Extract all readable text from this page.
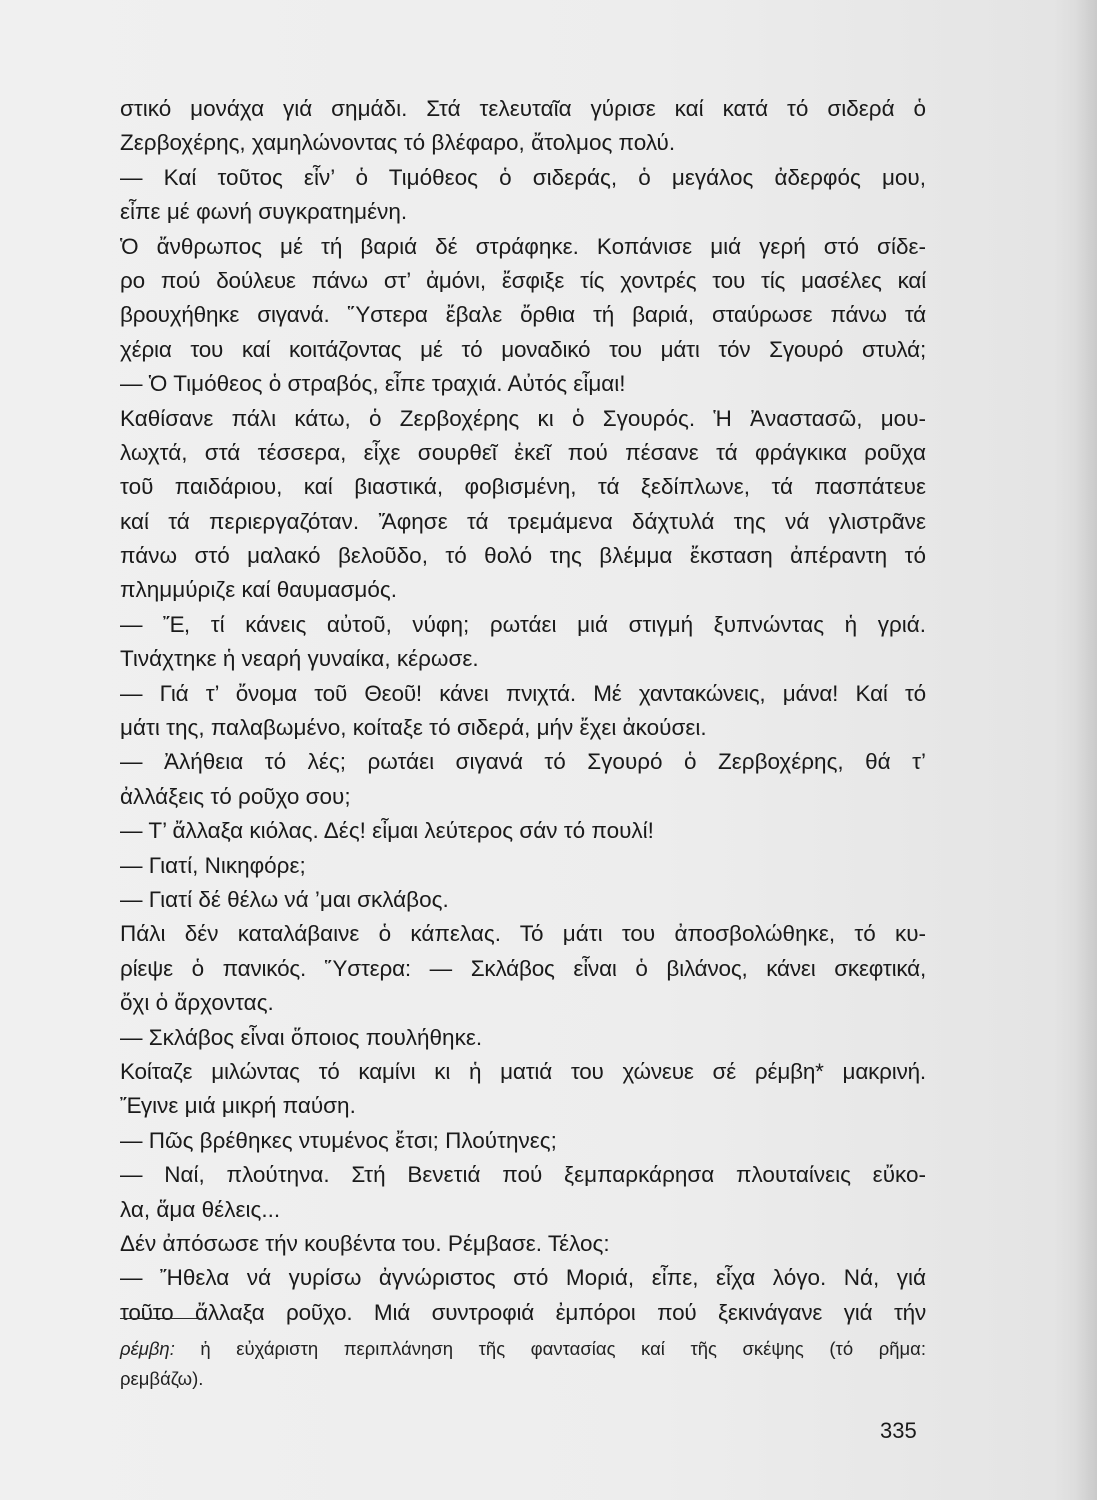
στικό μονάχα γιά σημάδι. Στά τελευταῖα γύρισε καί κατά τό σιδερά ὁ

Ζερβοχέρης, χαμηλώνοντας τό βλέφαρο, ἄτολμος πολύ.

— Καί τοῦτος εἶν’ ὁ Τιμόθεος ὁ σιδεράς, ὁ μεγάλος ἀδερφός μου,

εἶπε μέ φωνή συγκρατημένη.

Ὁ ἄνθρωπος μέ τή βαριά δέ στράφηκε. Κοπάνισε μιά γερή στό σίδε-

ρο πού δούλευε πάνω στ’ ἀμόνι, ἔσφιξε τίς χοντρές του τίς μασέλες καί

βρουχήθηκε σιγανά. Ὕστερα ἔβαλε ὄρθια τή βαριά, σταύρωσε πάνω τά

χέρια του καί κοιτάζοντας μέ τό μοναδικό του μάτι τόν Σγουρό στυλά;

— Ὁ Τιμόθεος ὁ στραβός, εἶπε τραχιά. Αὐτός εἶμαι!

Καθίσανε πάλι κάτω, ὁ Ζερβοχέρης κι ὁ Σγουρός. Ἡ Ἀναστασῶ, μου-

λωχτά, στά τέσσερα, εἶχε σουρθεῖ ἐκεῖ πού πέσανε τά φράγκικα ροῦχα

τοῦ παιδάριου, καί βιαστικά, φοβισμένη, τά ξεδίπλωνε, τά πασπάτευε

καί τά περιεργαζόταν. Ἄφησε τά τρεμάμενα δάχτυλά της νά γλιστρᾶνε

πάνω στό μαλακό βελοῦδο, τό θολό της βλέμμα ἔκσταση ἀπέραντη τό

πλημμύριζε καί θαυμασμός.

— Ἔ, τί κάνεις αὐτοῦ, νύφη; ρωτάει μιά στιγμή ξυπνώντας ἡ γριά.

Τινάχτηκε ἡ νεαρή γυναίκα, κέρωσε.

— Γιά τ’ ὄνομα τοῦ Θεοῦ! κάνει πνιχτά. Μέ χαντακώνεις, μάνα! Καί τό

μάτι της, παλαβωμένο, κοίταξε τό σιδερά, μήν ἔχει ἀκούσει.

— Ἀλήθεια τό λές; ρωτάει σιγανά τό Σγουρό ὁ Ζερβοχέρης, θά τ’

ἀλλάξεις τό ροῦχο σου;

— Τ’ ἄλλαξα κιόλας. Δές! εἶμαι λεύτερος σάν τό πουλί!

— Γιατί, Νικηφόρε;

— Γιατί δέ θέλω νά ’μαι σκλάβος.

Πάλι δέν καταλάβαινε ὁ κάπελας. Τό μάτι του ἀποσβολώθηκε, τό κυ-

ρίεψε ὁ πανικός. Ὕστερα: — Σκλάβος εἶναι ὁ βιλάνος, κάνει σκεφτικά,

ὄχι ὁ ἄρχοντας.

— Σκλάβος εἶναι ὅποιος πουλήθηκε.

Κοίταζε μιλώντας τό καμίνι κι ἡ ματιά του χώνευε σέ ρέμβη* μακρινή.

Ἔγινε μιά μικρή παύση.

— Πῶς βρέθηκες ντυμένος ἔτσι; Πλούτηνες;

— Ναί, πλούτηνα. Στή Βενετιά πού ξεμπαρκάρησα πλουταίνεις εὔκο-

λα, ἅμα θέλεις...

Δέν ἀπόσωσε τήν κουβέντα του. Ρέμβασε. Τέλος:

— Ἤθελα νά γυρίσω ἀγνώριστος στό Μοριά, εἶπε, εἶχα λόγο. Νά, γιά

τοῦτο ἄλλαξα ροῦχο. Μιά συντροφιά ἐμπόροι πού ξεκινάγανε γιά τήν

ρέμβη: ἡ εὐχάριστη περιπλάνηση τῆς φαντασίας καί τῆς σκέψης (τό ρῆμα:
ρεμβάζω).
335
